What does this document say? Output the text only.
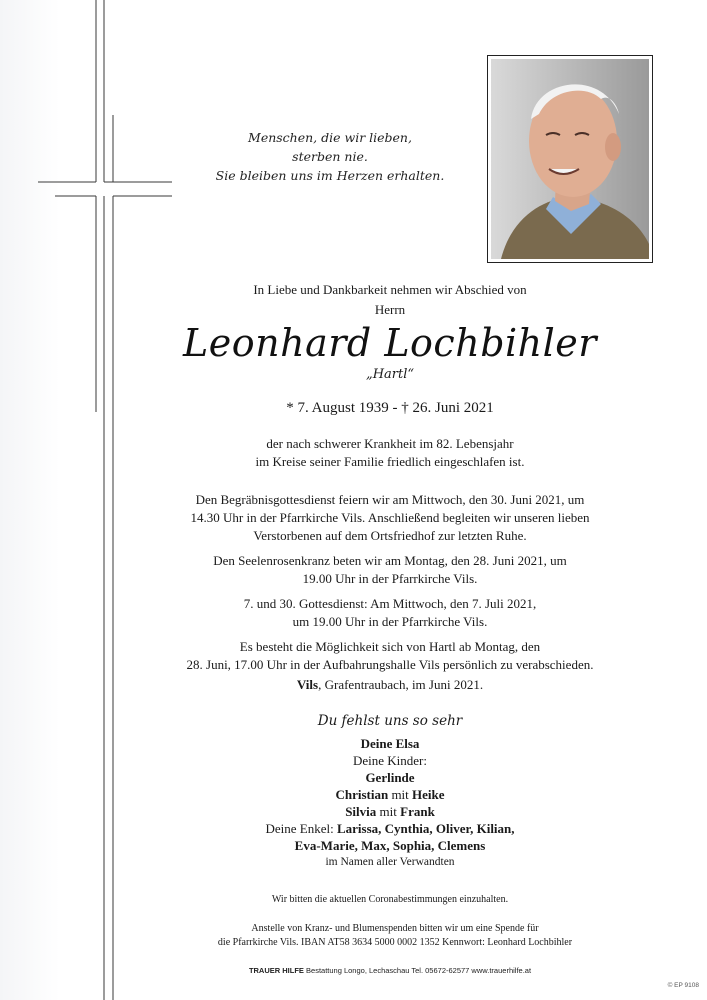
Menschen, die wir lieben,
sterben nie.
Sie bleiben uns im Herzen erhalten.
In Liebe und Dankbarkeit nehmen wir Abschied von
Herrn
Leonhard Lochbihler
„Hartl“
* 7. August 1939 - † 26. Juni 2021
der nach schwerer Krankheit im 82. Lebensjahr
im Kreise seiner Familie friedlich eingeschlafen ist.

Den Begräbnisgottesdienst feiern wir am Mittwoch, den 30. Juni 2021, um
14.30 Uhr in der Pfarrkirche Vils. Anschließend begleiten wir unseren lieben
Verstorbenen auf dem Ortsfriedhof zur letzten Ruhe.

Den Seelenrosenkranz beten wir am Montag, den 28. Juni 2021, um
19.00 Uhr in der Pfarrkirche Vils.

7. und 30. Gottesdienst: Am Mittwoch, den 7. Juli 2021,
um 19.00 Uhr in der Pfarrkirche Vils.

Es besteht die Möglichkeit sich von Hartl ab Montag, den
28. Juni, 17.00 Uhr in der Aufbahrungshalle Vils persönlich zu verabschieden.

Vils, Grafentraubach, im Juni 2021.
Du fehlst uns so sehr
Deine Elsa
Deine Kinder:
Gerlinde
Christian mit Heike
Silvia mit Frank
Deine Enkel: Larissa, Cynthia, Oliver, Kilian,
Eva-Marie, Max, Sophia, Clemens
im Namen aller Verwandten
Wir bitten die aktuellen Coronabestimmungen einzuhalten.
Anstelle von Kranz- und Blumenspenden bitten wir um eine Spende für
die Pfarrkirche Vils. IBAN AT58 3634 5000 0002 1352 Kennwort: Leonhard Lochbihler
TRAUER HILFE Bestattung Longo, Lechaschau Tel. 05672-62577 www.trauerhilfe.at
© EP 9108
